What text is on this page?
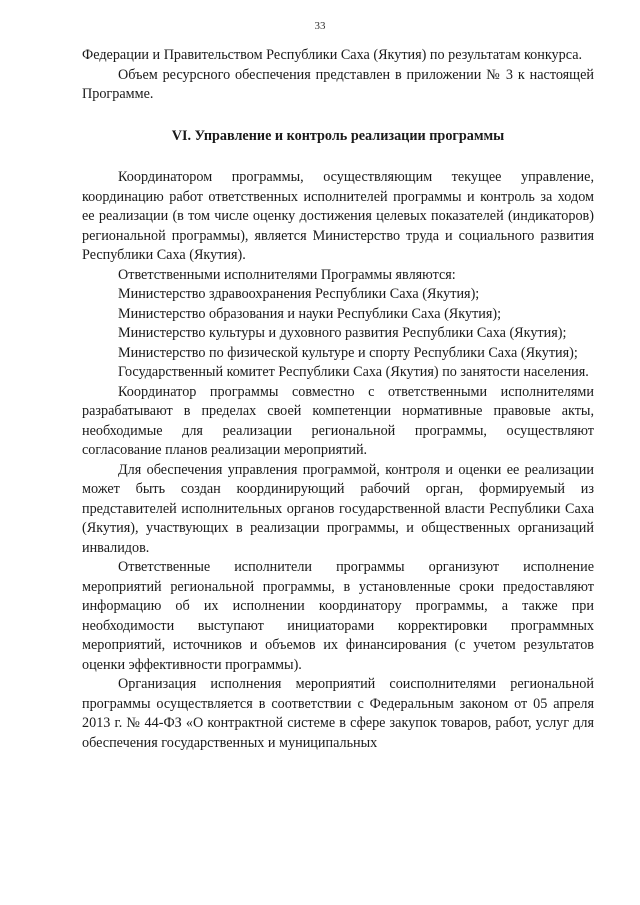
33

Федерации и Правительством Республики Саха (Якутия) по результатам конкурса.

Объем ресурсного обеспечения представлен в приложении № 3 к настоящей Программе.

VI. Управление и контроль реализации программы

Координатором программы, осуществляющим текущее управление, координацию работ ответственных исполнителей программы и контроль за ходом ее реализации (в том числе оценку достижения целевых показателей (индикаторов) региональной программы), является Министерство труда и социального развития Республики Саха (Якутия).

Ответственными исполнителями Программы являются:

Министерство здравоохранения Республики Саха (Якутия);

Министерство образования и науки Республики Саха (Якутия);

Министерство культуры и духовного развития Республики Саха (Якутия);

Министерство по физической культуре и спорту Республики Саха (Якутия);

Государственный комитет Республики Саха (Якутия) по занятости населения.

Координатор программы совместно с ответственными исполнителями разрабатывают в пределах своей компетенции нормативные правовые акты, необходимые для реализации региональной программы, осуществляют согласование планов реализации мероприятий.

Для обеспечения управления программой, контроля и оценки ее реализации может быть создан координирующий рабочий орган, формируемый из представителей исполнительных органов государственной власти Республики Саха (Якутия), участвующих в реализации программы, и общественных организаций инвалидов.

Ответственные исполнители программы организуют исполнение мероприятий региональной программы, в установленные сроки предоставляют информацию об их исполнении координатору программы, а также при необходимости выступают инициаторами корректировки программных мероприятий, источников и объемов их финансирования (с учетом результатов оценки эффективности программы).

Организация исполнения мероприятий соисполнителями региональной программы осуществляется в соответствии с Федеральным законом от 05 апреля 2013 г. № 44-ФЗ «О контрактной системе в сфере закупок товаров, работ, услуг для обеспечения государственных и муниципальных
